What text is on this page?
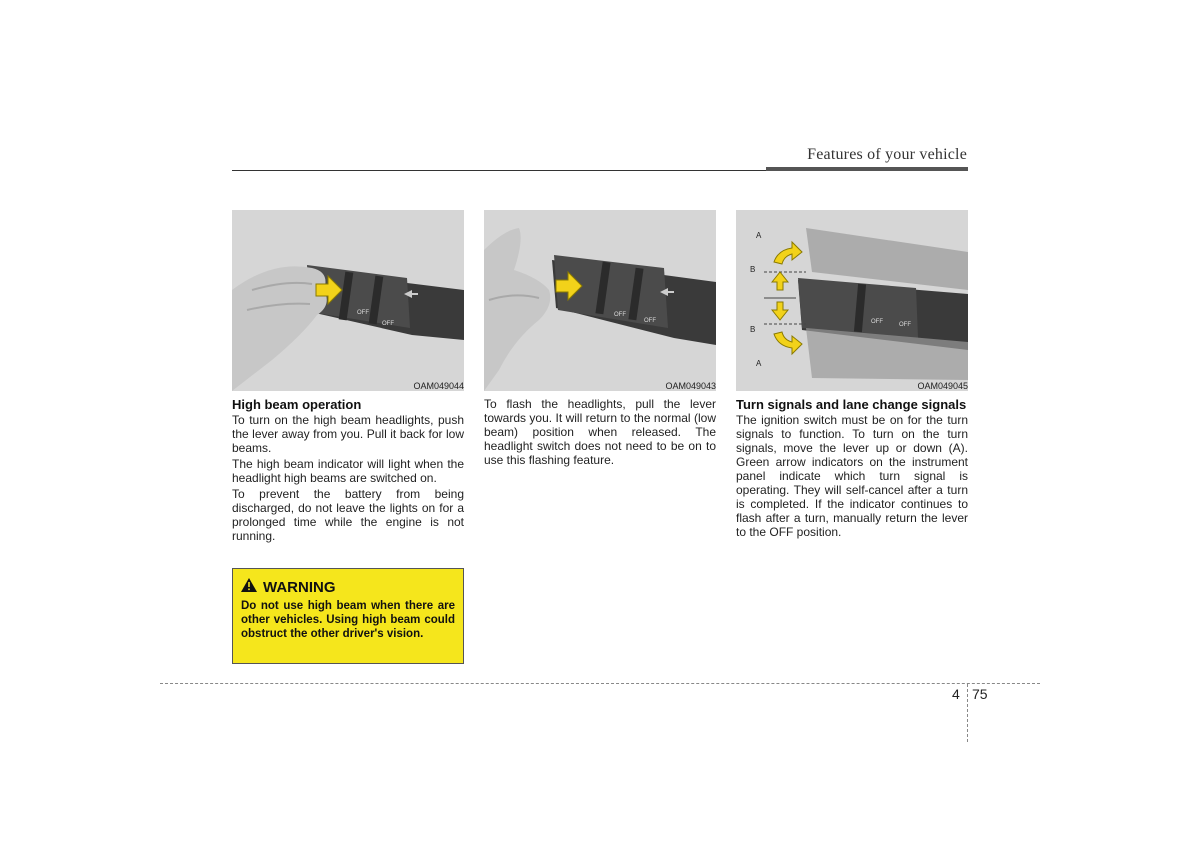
Features of your vehicle
OFF
OFF
OAM049044
OFF
OFF
OAM049043
OFF	OFF
A
B
B
A
OAM049045
High beam operation

To turn on the high beam headlights, push the lever away from you. Pull it back for low beams.

The high beam indicator will light when the headlight high beams are switched on.

To prevent the battery from being discharged, do not leave the lights on for a prolonged time while the engine is not running.

WARNING
Do not use high beam when there are other vehicles. Using high beam could obstruct the other driver's vision.

To flash the headlights, pull the lever towards you. It will return to the normal (low beam) position when released. The headlight switch does not need to be on to use this flashing feature.

Turn signals and lane change signals

The ignition switch must be on for the turn signals to function. To turn on the turn signals, move the lever up or down (A). Green arrow indicators on the instrument panel indicate which turn signal is operating. They will self-cancel after a turn is completed. If the indicator continues to flash after a turn, manually return the lever to the OFF position.

4 75
